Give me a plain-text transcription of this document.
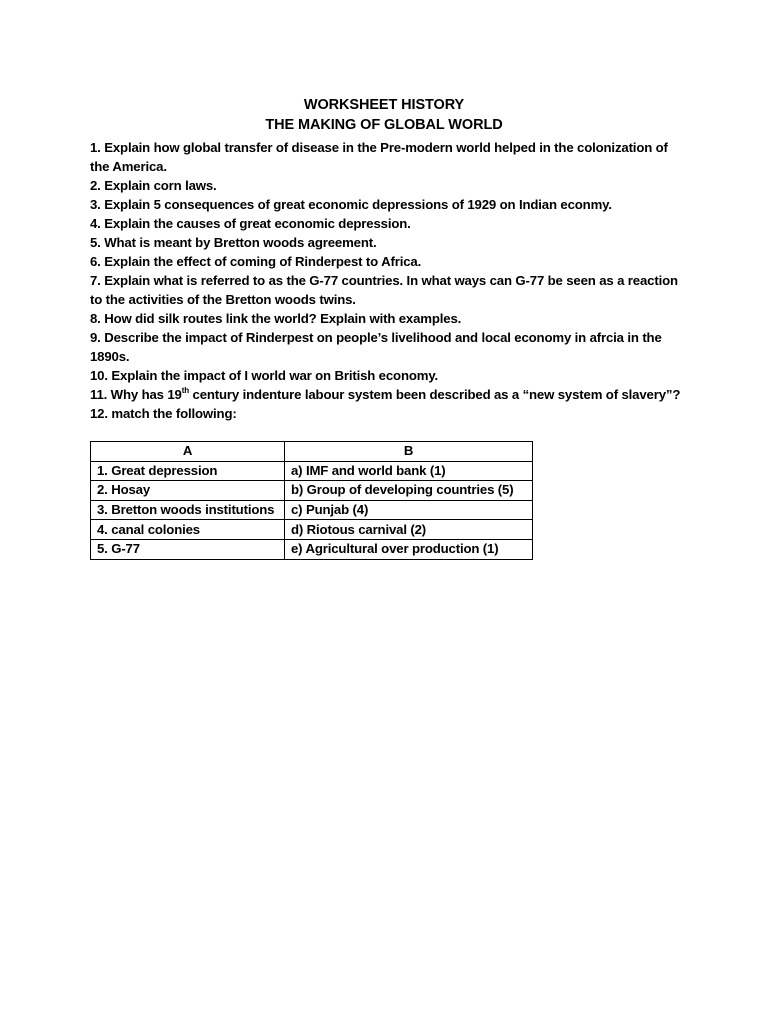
WORKSHEET HISTORY
THE MAKING OF GLOBAL WORLD

1. Explain how global transfer of disease in the Pre-modern world helped in the colonization of the America.

2. Explain corn laws.

3. Explain 5 consequences of great economic depressions of 1929 on Indian econmy.

4. Explain the causes of great economic depression.

5. What is meant by Bretton woods agreement.

6. Explain the effect of coming of Rinderpest to Africa.

7. Explain what is referred to as the G-77 countries. In what ways can G-77 be seen as a reaction to the activities of the Bretton woods twins.

8. How did silk routes link the world? Explain with examples.

9. Describe the impact of Rinderpest on people’s livelihood and local economy in afrcia in the 1890s.

10. Explain the impact of I world war on British economy.

11. Why has 19th century indenture labour system been described as a “new system of slavery”?

12. match the following:

A	B
1. Great depression	a) IMF and world bank (1)
2. Hosay	b) Group of developing countries (5)
3. Bretton woods institutions	c) Punjab (4)
4. canal colonies	d) Riotous carnival (2)
5. G-77	e) Agricultural over production (1)
